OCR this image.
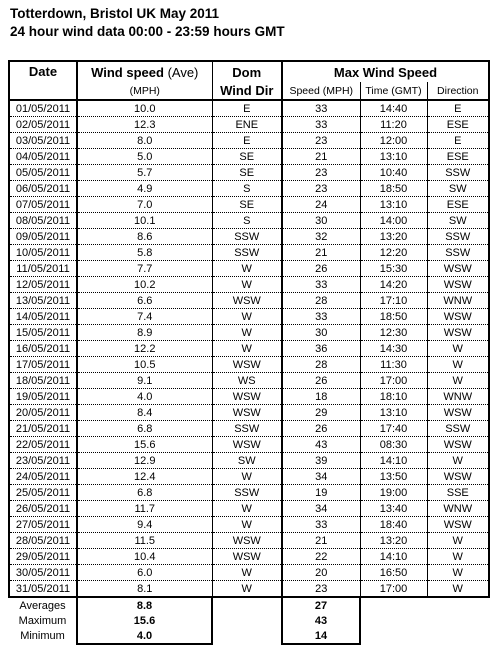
Totterdown, Bristol UK May 2011
24 hour wind data 00:00 - 23:59 hours GMT
Date	Wind speed (Ave)	Dom	Max Wind Speed		
	(MPH)	Wind Dir	Speed (MPH)	Time (GMT)	Direction
01/05/2011	10.0	E	33	14:40	E
02/05/2011	12.3	ENE	33	11:20	ESE
03/05/2011	8.0	E	23	12:00	E
04/05/2011	5.0	SE	21	13:10	ESE
05/05/2011	5.7	SE	23	10:40	SSW
06/05/2011	4.9	S	23	18:50	SW
07/05/2011	7.0	SE	24	13:10	ESE
08/05/2011	10.1	S	30	14:00	SW
09/05/2011	8.6	SSW	32	13:20	SSW
10/05/2011	5.8	SSW	21	12:20	SSW
11/05/2011	7.7	W	26	15:30	WSW
12/05/2011	10.2	W	33	14:20	WSW
13/05/2011	6.6	WSW	28	17:10	WNW
14/05/2011	7.4	W	33	18:50	WSW
15/05/2011	8.9	W	30	12:30	WSW
16/05/2011	12.2	W	36	14:30	W
17/05/2011	10.5	WSW	28	11:30	W
18/05/2011	9.1	WS	26	17:00	W
19/05/2011	4.0	WSW	18	18:10	WNW
20/05/2011	8.4	WSW	29	13:10	WSW
21/05/2011	6.8	SSW	26	17:40	SSW
22/05/2011	15.6	WSW	43	08:30	WSW
23/05/2011	12.9	SW	39	14:10	W
24/05/2011	12.4	W	34	13:50	WSW
25/05/2011	6.8	SSW	19	19:00	SSE
26/05/2011	11.7	W	34	13:40	WNW
27/05/2011	9.4	W	33	18:40	WSW
28/05/2011	11.5	WSW	21	13:20	W
29/05/2011	10.4	WSW	22	14:10	W
30/05/2011	6.0	W	20	16:50	W
31/05/2011	8.1	W	23	17:00	W
Averages	8.8		27		
Maximum	15.6		43		
Minimum	4.0		14		
